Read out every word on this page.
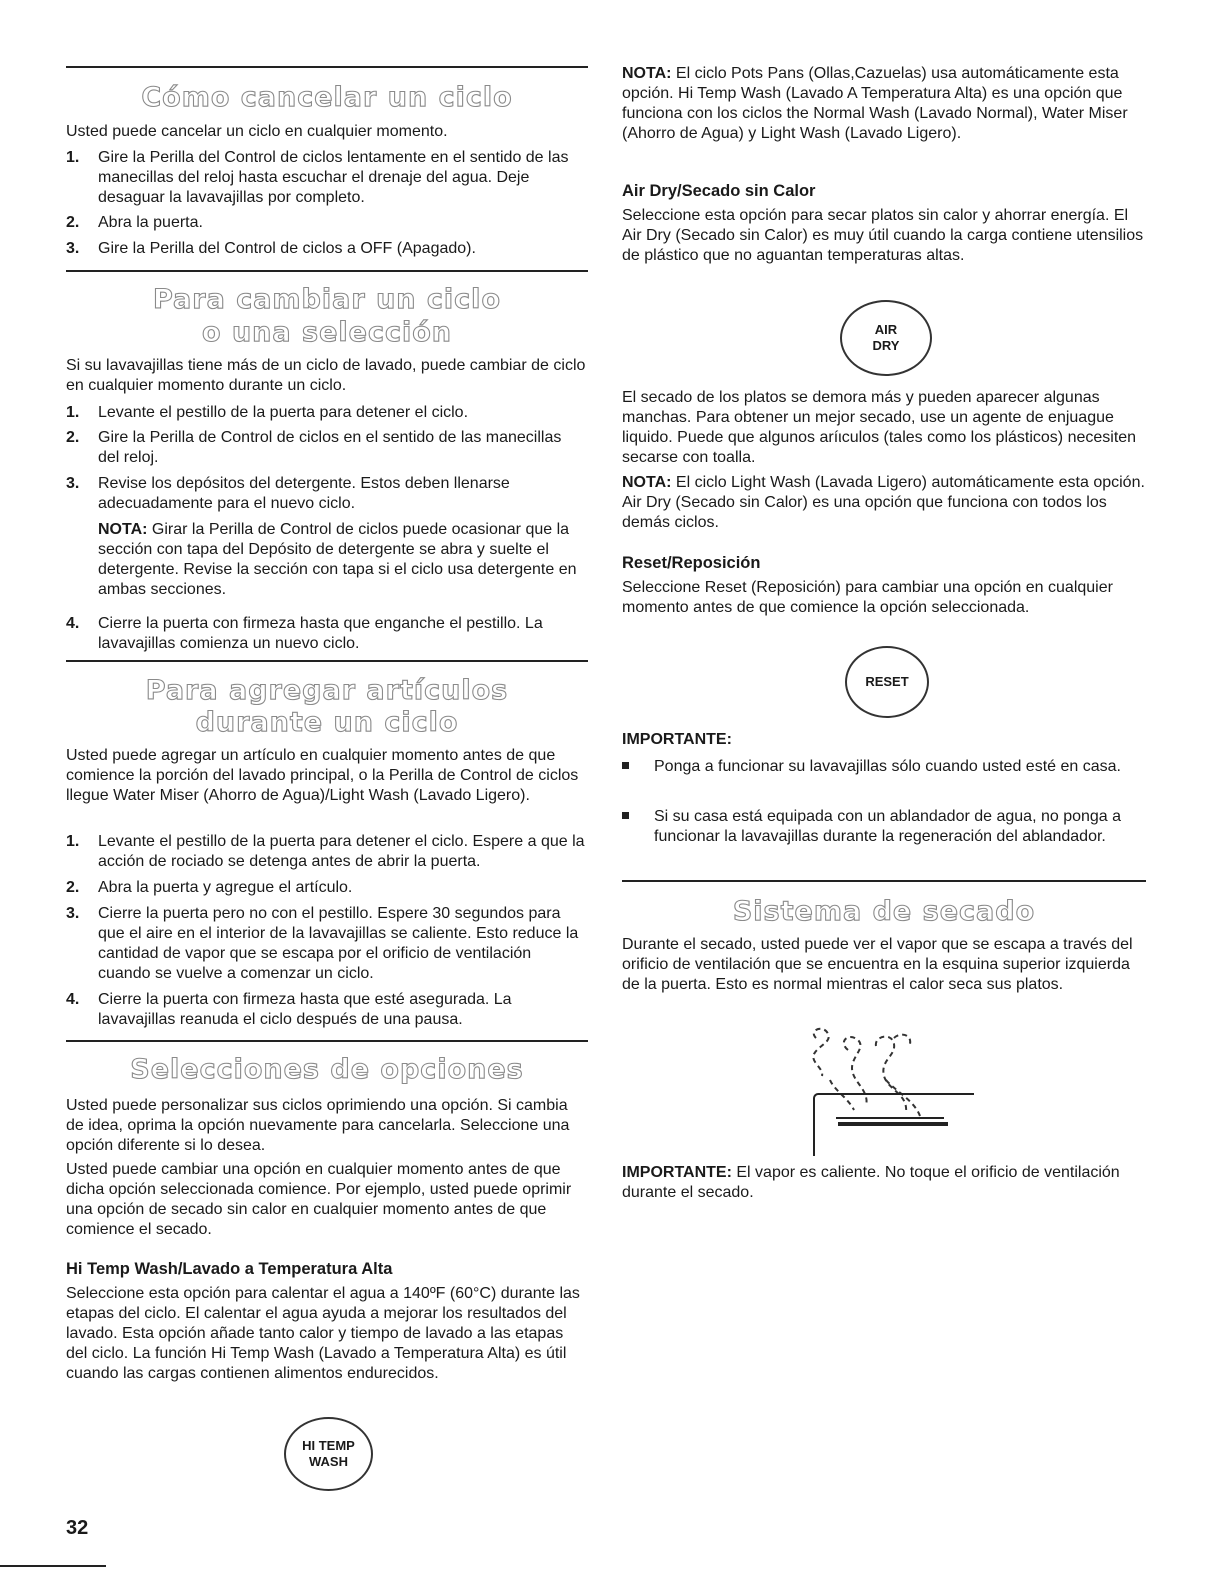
Cómo cancelar un ciclo

Usted puede cancelar un ciclo en cualquier momento.

1. Gire la Perilla del Control de ciclos lentamente en el sentido de las manecillas del reloj hasta escuchar el drenaje del agua. Deje desaguar la lavavajillas por completo.
2. Abra la puerta.
3. Gire la Perilla del Control de ciclos a OFF (Apagado).
Para cambiar un ciclo
o una selección

Si su lavavajillas tiene más de un ciclo de lavado, puede cambiar de ciclo en cualquier momento durante un ciclo.

1. Levante el pestillo de la puerta para detener el ciclo.
2. Gire la Perilla de Control de ciclos en el sentido de las manecillas del reloj.
3. Revise los depósitos del detergente. Estos deben llenarse adecuadamente para el nuevo ciclo.

NOTA: Girar la Perilla de Control de ciclos puede ocasionar que la sección con tapa del Depósito de detergente se abra y suelte el detergente. Revise la sección con tapa si el ciclo usa detergente en ambas secciones.

4. Cierre la puerta con firmeza hasta que enganche el pestillo. La lavavajillas comienza un nuevo ciclo.
Para agregar artículos
durante un ciclo

Usted puede agregar un artículo en cualquier momento antes de que comience la porción del lavado principal, o la Perilla de Control de ciclos llegue Water Miser (Ahorro de Agua)/Light Wash (Lavado Ligero).

1. Levante el pestillo de la puerta para detener el ciclo. Espere a que la acción de rociado se detenga antes de abrir la puerta.
2. Abra la puerta y agregue el artículo.
3. Cierre la puerta pero no con el pestillo. Espere 30 segundos para que el aire en el interior de la lavavajillas se caliente. Esto reduce la cantidad de vapor que se escapa por el orificio de ventilación cuando se vuelve a comenzar un ciclo.
4. Cierre la puerta con firmeza hasta que esté asegurada. La lavavajillas reanuda el ciclo después de una pausa.
Selecciones de opciones

Usted puede personalizar sus ciclos oprimiendo una opción. Si cambia de idea, oprima la opción nuevamente para cancelarla. Seleccione una opción diferente si lo desea.

Usted puede cambiar una opción en cualquier momento antes de que dicha opción seleccionada comience. Por ejemplo, usted puede oprimir una opción de secado sin calor en cualquier momento antes de que comience el secado.

Hi Temp Wash/Lavado a Temperatura Alta

Seleccione esta opción para calentar el agua a 140ºF (60°C) durante las etapas del ciclo. El calentar el agua ayuda a mejorar los resultados del lavado. Esta opción añade tanto calor y tiempo de lavado a las etapas del ciclo. La función Hi Temp Wash (Lavado a Temperatura Alta) es útil cuando las cargas contienen alimentos endurecidos.

HI TEMP
WASH
32

NOTA: El ciclo Pots Pans (Ollas,Cazuelas) usa automáticamente esta opción. Hi Temp Wash (Lavado A Temperatura Alta) es una opción que funciona con los ciclos the Normal Wash (Lavado Normal), Water Miser (Ahorro de Agua) y Light Wash (Lavado Ligero).

Air Dry/Secado sin Calor

Seleccione esta opción para secar platos sin calor y ahorrar energía. El Air Dry (Secado sin Calor) es muy útil cuando la carga contiene utensilios de plástico que no aguantan temperaturas altas.

AIR
DRY

El secado de los platos se demora más y pueden aparecer algunas manchas. Para obtener un mejor secado, use un agente de enjuague liquido. Puede que algunos aríιculos (tales como los plásticos) necesiten secarse con toalla.

NOTA: El ciclo Light Wash (Lavada Ligero) automáticamente esta opción. Air Dry (Secado sin Calor) es una opción que funciona con todos los demás ciclos.

Reset/Reposición

Seleccione Reset (Reposición) para cambiar una opción en cualquier momento antes de que comience la opción seleccionada.

RESET
IMPORTANTE:
Ponga a funcionar su lavavajillas sólo cuando usted esté en casa.
Si su casa está equipada con un ablandador de agua, no ponga a funcionar la lavavajillas durante la regeneración del ablandador.
Sistema de secado

Durante el secado, usted puede ver el vapor que se escapa a través del orificio de ventilación que se encuentra en la esquina superior izquierda de la puerta. Esto es normal mientras el calor seca sus platos.

IMPORTANTE: El vapor es caliente. No toque el orificio de ventilación durante el secado.
